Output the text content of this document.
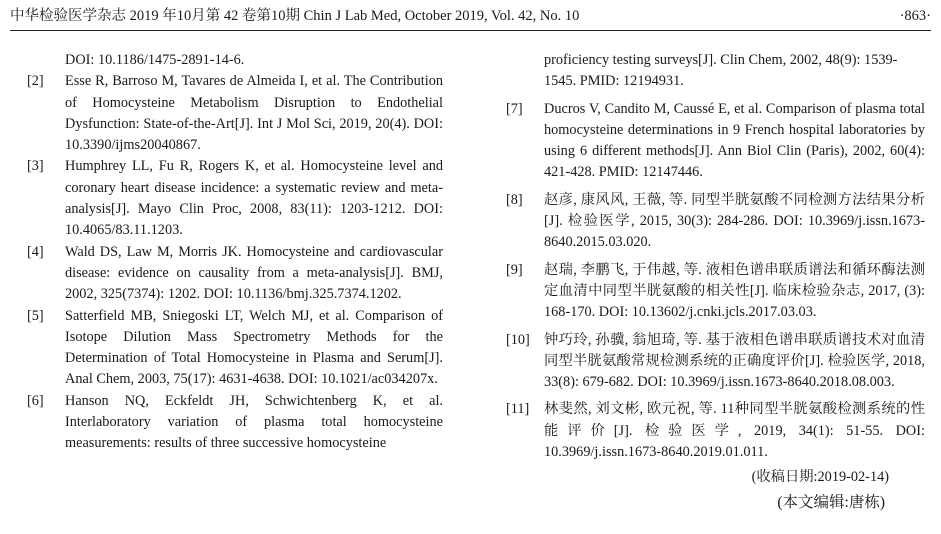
中华检验医学杂志 2019 年10月第 42 卷第10期 Chin J Lab Med, October 2019, Vol. 42, No. 10	·863·
DOI: 10.1186/1475-2891-14-6.
[2] Esse R, Barroso M, Tavares de Almeida I, et al. The Contribution of Homocysteine Metabolism Disruption to Endothelial Dysfunction: State-of-the-Art[J]. Int J Mol Sci, 2019, 20(4). DOI: 10.3390/ijms20040867.
[3] Humphrey LL, Fu R, Rogers K, et al. Homocysteine level and coronary heart disease incidence: a systematic review and meta-analysis[J]. Mayo Clin Proc, 2008, 83(11): 1203-1212. DOI: 10.4065/83.11.1203.
[4] Wald DS, Law M, Morris JK. Homocysteine and cardiovascular disease: evidence on causality from a meta-analysis[J]. BMJ, 2002, 325(7374): 1202. DOI: 10.1136/bmj.325.7374.1202.
[5] Satterfield MB, Sniegoski LT, Welch MJ, et al. Comparison of Isotope Dilution Mass Spectrometry Methods for the Determination of Total Homocysteine in Plasma and Serum[J]. Anal Chem, 2003, 75(17): 4631-4638. DOI: 10.1021/ac034207x.
[6] Hanson NQ, Eckfeldt JH, Schwichtenberg K, et al. Interlaboratory variation of plasma total homocysteine measurements: results of three successive homocysteine
proficiency testing surveys[J]. Clin Chem, 2002, 48(9): 1539-1545. PMID: 12194931.
[7] Ducros V, Candito M, Caussé E, et al. Comparison of plasma total homocysteine determinations in 9 French hospital laboratories by using 6 different methods[J]. Ann Biol Clin (Paris), 2002, 60(4): 421-428. PMID: 12147446.
[8] 赵彦, 康风风, 王薇, 等. 同型半胱氨酸不同检测方法结果分析[J]. 检验医学, 2015, 30(3): 284-286. DOI: 10.3969/j.issn.1673-8640.2015.03.020.
[9] 赵瑞, 李鹏飞, 于伟越, 等. 液相色谱串联质谱法和循环酶法测定血清中同型半胱氨酸的相关性[J]. 临床检验杂志, 2017, (3): 168-170. DOI: 10.13602/j.cnki.jcls.2017.03.03.
[10] 钟巧玲, 孙骥, 翁旭琦, 等. 基于液相色谱串联质谱技术对血清同型半胱氨酸常规检测系统的正确度评价[J]. 检验医学, 2018, 33(8): 679-682. DOI: 10.3969/j.issn.1673-8640.2018.08.003.
[11] 林斐然, 刘文彬, 欧元祝, 等. 11种同型半胱氨酸检测系统的性能评价[J]. 检验医学, 2019, 34(1): 51-55. DOI: 10.3969/j.issn.1673-8640.2019.01.011.
(收稿日期:2019-02-14)
(本文编辑:唐栋)
